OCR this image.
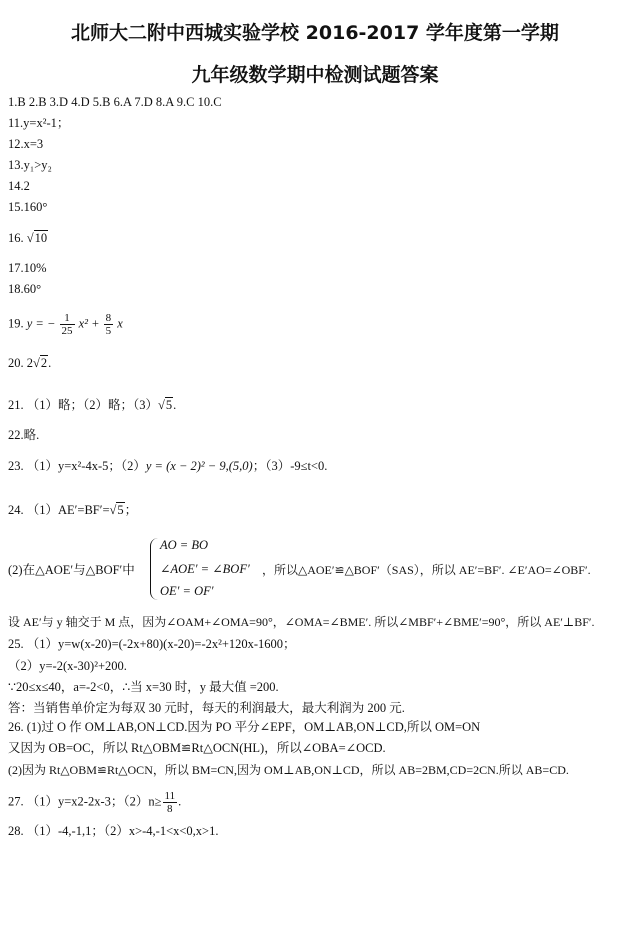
北师大二附中西城实验学校 2016-2017 学年度第一学期
九年级数学期中检测试题答案
1.B 2.B 3.D 4.D 5.B 6.A 7.D 8.A 9.C 10.C
11.y=x²-1；
12.x=3
13.y₁>y₂
14.2
15.160°
16. √10
17.10%
18.60°
19. y = − $\frac{1}{25} x^2 + \frac{8}{5}$ x
20. 2√2.
21. （1）略；（2）略；（3）√5.
22.略.
23. （1）y=x²-4x-5；（2）y = (x − 2)² − 9,(5,0)；（3）-9≤t<0.
24. （1）AE′=BF′=√5；
(2)在△AOE′与△BOF′中
AO = BO
∠AOE′ = ∠BOF′
OE′ = OF′
，所以△AOE′≌△BOF′（SAS），所以 AE′=BF′. ∠E′AO=∠OBF′.
设 AE′与 y 轴交于 M 点，因为∠OAM+∠OMA=90°，∠OMA=∠BME′. 所以∠MBF′+∠BME′=90°，所以 AE′⊥BF′.
25. （1）y=w(x-20)=(-2x+80)(x-20)=-2x²+120x-1600；
（2）y=-2(x-30)²+200.
∵20≤x≤40，a=-2<0，∴当 x=30 时，y 最大值 =200.
答：当销售单价定为每双 30 元时，每天的利润最大，最大利润为 200 元.
26. (1)过 O 作 OM⊥AB,ON⊥CD.因为 PO 平分∠EPF，OM⊥AB,ON⊥CD,所以 OM=ON
又因为 OB=OC，所以 Rt△OBM≌Rt△OCN(HL)，所以∠OBA=∠OCD.
(2)因为 Rt△OBM≌Rt△OCN，所以 BM=CN,因为 OM⊥AB,ON⊥CD，所以 AB=2BM,CD=2CN.所以 AB=CD.
27. （1）y=x2-2x-3；$(2)n\ge \frac{11}{8}$ .
28. （1）-4,-1,1；（2）x>-4,-1<x<0,x>1.
